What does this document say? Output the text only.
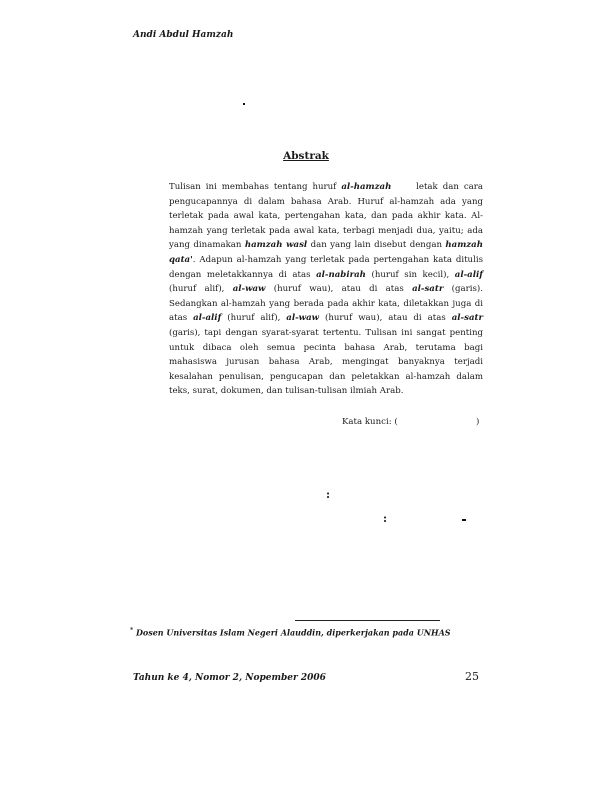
Andi Abdul Hamzah
Abstrak

Tulisan ini membahas tentang huruf al-hamzah     letak dan cara pengucapannya di dalam bahasa Arab. Huruf al-hamzah ada yang terletak pada awal kata, pertengahan kata, dan pada akhir kata. Al-hamzah yang terletak pada awal kata, terbagi menjadi dua, yaitu; ada yang dinamakan hamzah wasl dan yang lain disebut dengan hamzah qata'. Adapun al-hamzah yang terletak pada pertengahan kata ditulis dengan meletakkannya di atas al-nabirah (huruf sin kecil), al-alif (huruf alif), al-waw (huruf wau), atau di atas al-satr (garis). Sedangkan al-hamzah yang berada pada akhir kata, diletakkan juga di atas al-alif (huruf alif), al-waw (huruf wau), atau di atas al-satr (garis), tapi dengan syarat-syarat tertentu. Tulisan ini sangat penting untuk dibaca oleh semua pecinta bahasa Arab, terutama bagi mahasiswa jurusan bahasa Arab, mengingat banyaknya terjadi kesalahan penulisan, pengucapan dan peletakkan al-hamzah dalam teks, surat, dokumen, dan tulisan-tulisan ilmiah Arab.

Kata kunci: (	)
:
:
* Dosen Universitas Islam Negeri Alauddin, diperkerjakan pada UNHAS
Tahun ke 4, Nomor 2, Nopember 2006	25
